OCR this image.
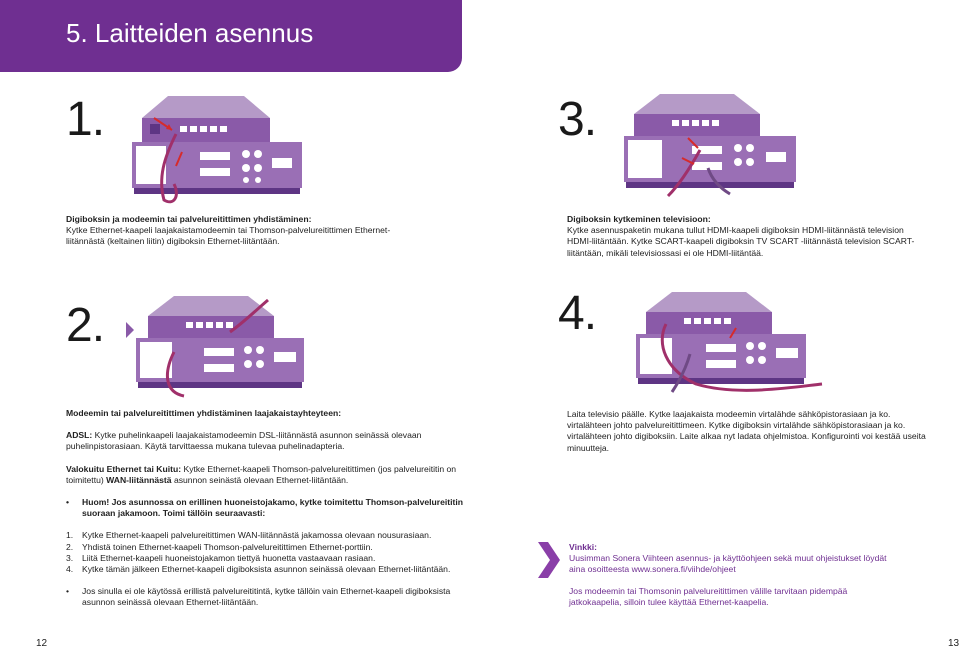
5. Laitteiden asennus
1.	3.
2.	4.

Digiboksin ja modeemin tai palvelureitittimen yhdistäminen:

Kytke Ethernet-kaapeli laajakaistamodeemin tai Thomson-palvelureitittimen Ethernet-liitännästä (keltainen liitin) digiboksin Ethernet-liitäntään.

Digiboksin kytkeminen televisioon:

Kytke asennuspaketin mukana tullut HDMI-kaapeli digiboksin HDMI-liitännästä television HDMI-liitäntään. Kytke SCART-kaapeli digiboksin TV SCART -liitännästä television SCART-liitäntään, mikäli televisiossasi ei ole HDMI-liitäntää.

Modeemin tai palvelureitittimen yhdistäminen laajakaistayhteyteen:

ADSL: Kytke puhelinkaapeli laajakaistamodeemin DSL-liitännästä asunnon seinässä olevaan puhelinpistorasiaan. Käytä tarvittaessa mukana tulevaa puhelinadapteria.

Valokuitu Ethernet tai Kuitu: Kytke Ethernet-kaapeli Thomson-palvelureitittimen (jos palvelureititin on toimitettu) WAN-liitännästä asunnon seinästä olevaan Ethernet-liitäntään.

• Huom! Jos asunnossa on erillinen huoneistojakamo, kytke toimitettu Thomson-palvelureititin suoraan jakamoon. Toimi tällöin seuraavasti:

1. Kytke Ethernet-kaapeli palvelureitittimen WAN-liitännästä jakamossa olevaan nousurasiaan.

2. Yhdistä toinen Ethernet-kaapeli Thomson-palvelureitittimen Ethernet-porttiin.

3. Liitä Ethernet-kaapeli huoneistojakamon tiettyä huonetta vastaavaan rasiaan.

4. Kytke tämän jälkeen Ethernet-kaapeli digiboksista asunnon seinässä olevaan Ethernet-liitäntään.

• Jos sinulla ei ole käytössä erillistä palvelureititintä, kytke tällöin vain Ethernet-kaapeli digiboksista asunnon seinässä olevaan Ethernet-liitäntään.

Laita televisio päälle. Kytke laajakaista modeemin virtalähde sähköpistorasiaan ja ko. virtalähteen johto palvelureitittimeen. Kytke digiboksin virtalähde sähköpistorasiaan ja ko. virtalähteen johto digiboksiin. Laite alkaa nyt ladata ohjelmistoa. Konfigurointi voi kestää useita minuutteja.

Vinkki:

Uusimman Sonera Viihteen asennus- ja käyttöohjeen sekä muut ohjeistukset löydät aina osoitteesta www.sonera.fi/viihde/ohjeet

Jos modeemin tai Thomsonin palvelureitittimen välille tarvitaan pidempää jatkokaapelia, silloin tulee käyttää Ethernet-kaapelia.

12	13
